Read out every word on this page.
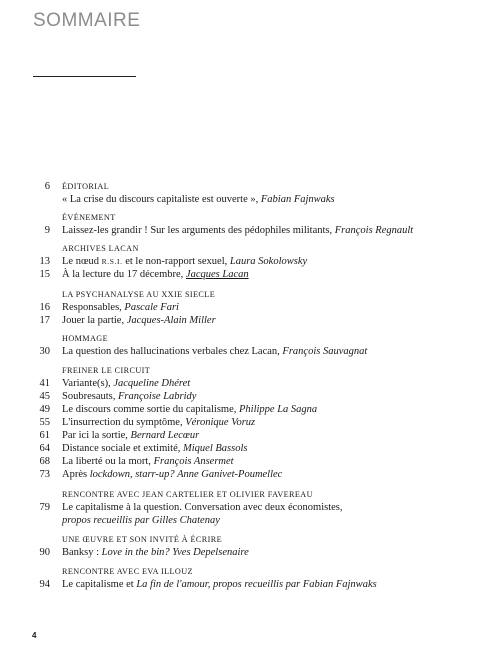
SOMMAIRE
6 ÉDITORIAL
« La crise du discours capitaliste est ouverte », Fabian Fajnwaks
ÉVÉNEMENT
9 Laissez-les grandir ! Sur les arguments des pédophiles militants, François Regnault
ARCHIVES LACAN
13 Le nœud R.S.I. et le non-rapport sexuel, Laura Sokolowsky
15 À la lecture du 17 décembre, Jacques Lacan
LA PSYCHANALYSE AU XXIE SIECLE
16 Responsables, Pascale Fari
17 Jouer la partie, Jacques-Alain Miller
HOMMAGE
30 La question des hallucinations verbales chez Lacan, François Sauvagnat
FREINER LE CIRCUIT
41 Variante(s), Jacqueline Dhéret
45 Soubresauts, Françoise Labridy
49 Le discours comme sortie du capitalisme, Philippe La Sagna
55 L'insurrection du symptôme, Véronique Voruz
61 Par ici la sortie, Bernard Lecœur
64 Distance sociale et extimité, Miquel Bassols
68 La liberté ou la mort, François Ansermet
73 Après lockdown, starr-up? Anne Ganivet-Poumellec
RENCONTRE AVEC JEAN CARTELIER ET OLIVIER FAVEREAU
79 Le capitalisme à la question. Conversation avec deux économistes,
propos recueillis par Gilles Chatenay
UNE ŒUVRE ET SON INVITÉ À ÉCRIRE
90 Banksy : Love in the bin? Yves Depelsenaire
RENCONTRE AVEC EVA ILLOUZ
94 Le capitalisme et La fin de l'amour, propos recueillis par Fabian Fajnwaks
4
